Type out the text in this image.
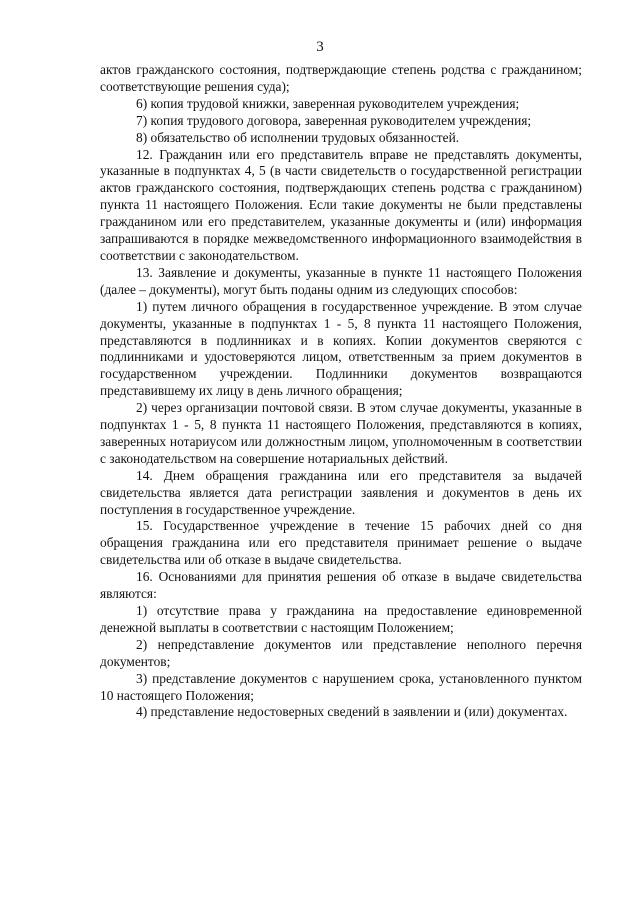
3

актов гражданского состояния, подтверждающие степень родства с гражданином; соответствующие решения суда);

6) копия трудовой книжки, заверенная руководителем учреждения;

7) копия трудового договора, заверенная руководителем учреждения;

8) обязательство об исполнении трудовых обязанностей.

12. Гражданин или его представитель вправе не представлять документы, указанные в подпунктах 4, 5 (в части свидетельств о государственной регистрации актов гражданского состояния, подтверждающих степень родства с гражданином) пункта 11 настоящего Положения. Если такие документы не были представлены гражданином или его представителем, указанные документы и (или) информация запрашиваются в порядке межведомственного информационного взаимодействия в соответствии с законодательством.

13. Заявление и документы, указанные в пункте 11 настоящего Положения (далее – документы), могут быть поданы одним из следующих способов:

1) путем личного обращения в государственное учреждение. В этом случае документы, указанные в подпунктах 1 - 5, 8 пункта 11 настоящего Положения, представляются в подлинниках и в копиях. Копии документов сверяются с подлинниками и удостоверяются лицом, ответственным за прием документов в государственном учреждении. Подлинники документов возвращаются представившему их лицу в день личного обращения;

2) через организации почтовой связи. В этом случае документы, указанные в подпунктах 1 - 5, 8 пункта 11 настоящего Положения, представляются в копиях, заверенных нотариусом или должностным лицом, уполномоченным в соответствии с законодательством на совершение нотариальных действий.

14. Днем обращения гражданина или его представителя за выдачей свидетельства является дата регистрации заявления и документов в день их поступления в государственное учреждение.

15. Государственное учреждение в течение 15 рабочих дней со дня обращения гражданина или его представителя принимает решение о выдаче свидетельства или об отказе в выдаче свидетельства.

16. Основаниями для принятия решения об отказе в выдаче свидетельства являются:

1) отсутствие права у гражданина на предоставление единовременной денежной выплаты в соответствии с настоящим Положением;

2) непредставление документов или представление неполного перечня документов;

3) представление документов с нарушением срока, установленного пунктом 10 настоящего Положения;

4) представление недостоверных сведений в заявлении и (или) документах.
